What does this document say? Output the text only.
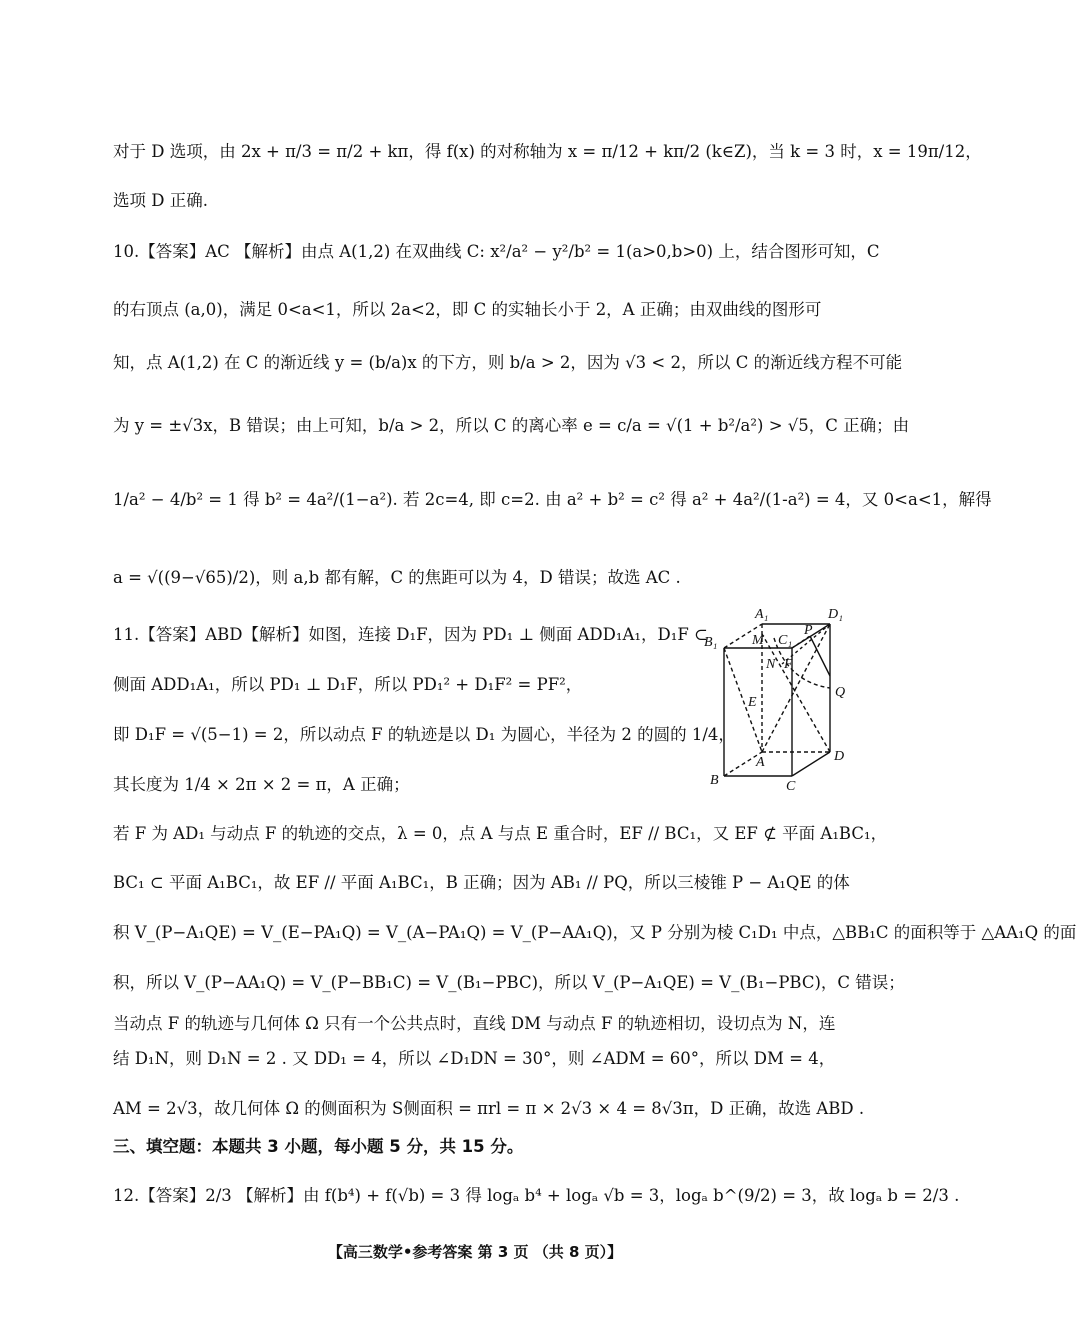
对于 D 选项，由 2x + π/3 = π/2 + kπ，得 f(x) 的对称轴为 x = π/12 + kπ/2 (k∈Z)，当 k = 3 时，x = 19π/12，
选项 D 正确.
10.【答案】AC 【解析】由点 A(1,2) 在双曲线 C: x²/a² − y²/b² = 1(a>0,b>0) 上，结合图形可知，C
的右顶点 (a,0)，满足 0<a<1，所以 2a<2，即 C 的实轴长小于 2，A 正确；由双曲线的图形可
知，点 A(1,2) 在 C 的渐近线 y = (b/a)x 的下方，则 b/a > 2，因为 √3 < 2，所以 C 的渐近线方程不可能
为 y = ±√3x，B 错误；由上可知，b/a > 2，所以 C 的离心率 e = c/a = √(1 + b²/a²) > √5，C 正确；由
1/a² − 4/b² = 1 得 b² = 4a²/(1−a²). 若 2c=4, 即 c=2. 由 a² + b² = c² 得 a² + 4a²/(1-a²) = 4，又 0<a<1，解得
a = √((9−√65)/2)，则 a,b 都有解，C 的焦距可以为 4，D 错误；故选 AC .
11.【答案】ABD【解析】如图，连接 D₁F，因为 PD₁ ⊥ 侧面 ADD₁A₁，D₁F ⊂
侧面 ADD₁A₁，所以 PD₁ ⊥ D₁F，所以 PD₁² + D₁F² = PF²，
即 D₁F = √(5−1) = 2，所以动点 F 的轨迹是以 D₁ 为圆心，半径为 2 的圆的 1/4，
其长度为 1/4 × 2π × 2 = π，A 正确；
若 F 为 AD₁ 与动点 F 的轨迹的交点，λ = 0，点 A 与点 E 重合时，EF // BC₁，又 EF ⊄ 平面 A₁BC₁，
BC₁ ⊂ 平面 A₁BC₁，故 EF // 平面 A₁BC₁，B 正确；因为 AB₁ // PQ，所以三棱锥 P − A₁QE 的体
积 V_(P−A₁QE) = V_(E−PA₁Q) = V_(A−PA₁Q) = V_(P−AA₁Q)，又 P 分别为棱 C₁D₁ 中点，△BB₁C 的面积等于 △AA₁Q 的面
积，所以 V_(P−AA₁Q) = V_(P−BB₁C) = V_(B₁−PBC)，所以 V_(P−A₁QE) = V_(B₁−PBC)，C 错误；
当动点 F 的轨迹与几何体 Ω 只有一个公共点时，直线 DM 与动点 F 的轨迹相切，设切点为 N，连
结 D₁N，则 D₁N = 2 . 又 DD₁ = 4，所以 ∠D₁DN = 30°，则 ∠ADM = 60°，所以 DM = 4，
AM = 2√3，故几何体 Ω 的侧面积为 S侧面积 = πrl = π × 2√3 × 4 = 8√3π，D 正确，故选 ABD .
三、填空题：本题共 3 小题，每小题 5 分，共 15 分。
12.【答案】2/3 【解析】由 f(b⁴) + f(√b) = 3 得 logₐ b⁴ + logₐ √b = 3，logₐ b^(9/2) = 3，故 logₐ b = 2/3 .
【高三数学•参考答案 第 3 页 （共 8 页）】
A₁	D₁
B₁ M C₁
P
N F
Q
E
A	D
B	C
